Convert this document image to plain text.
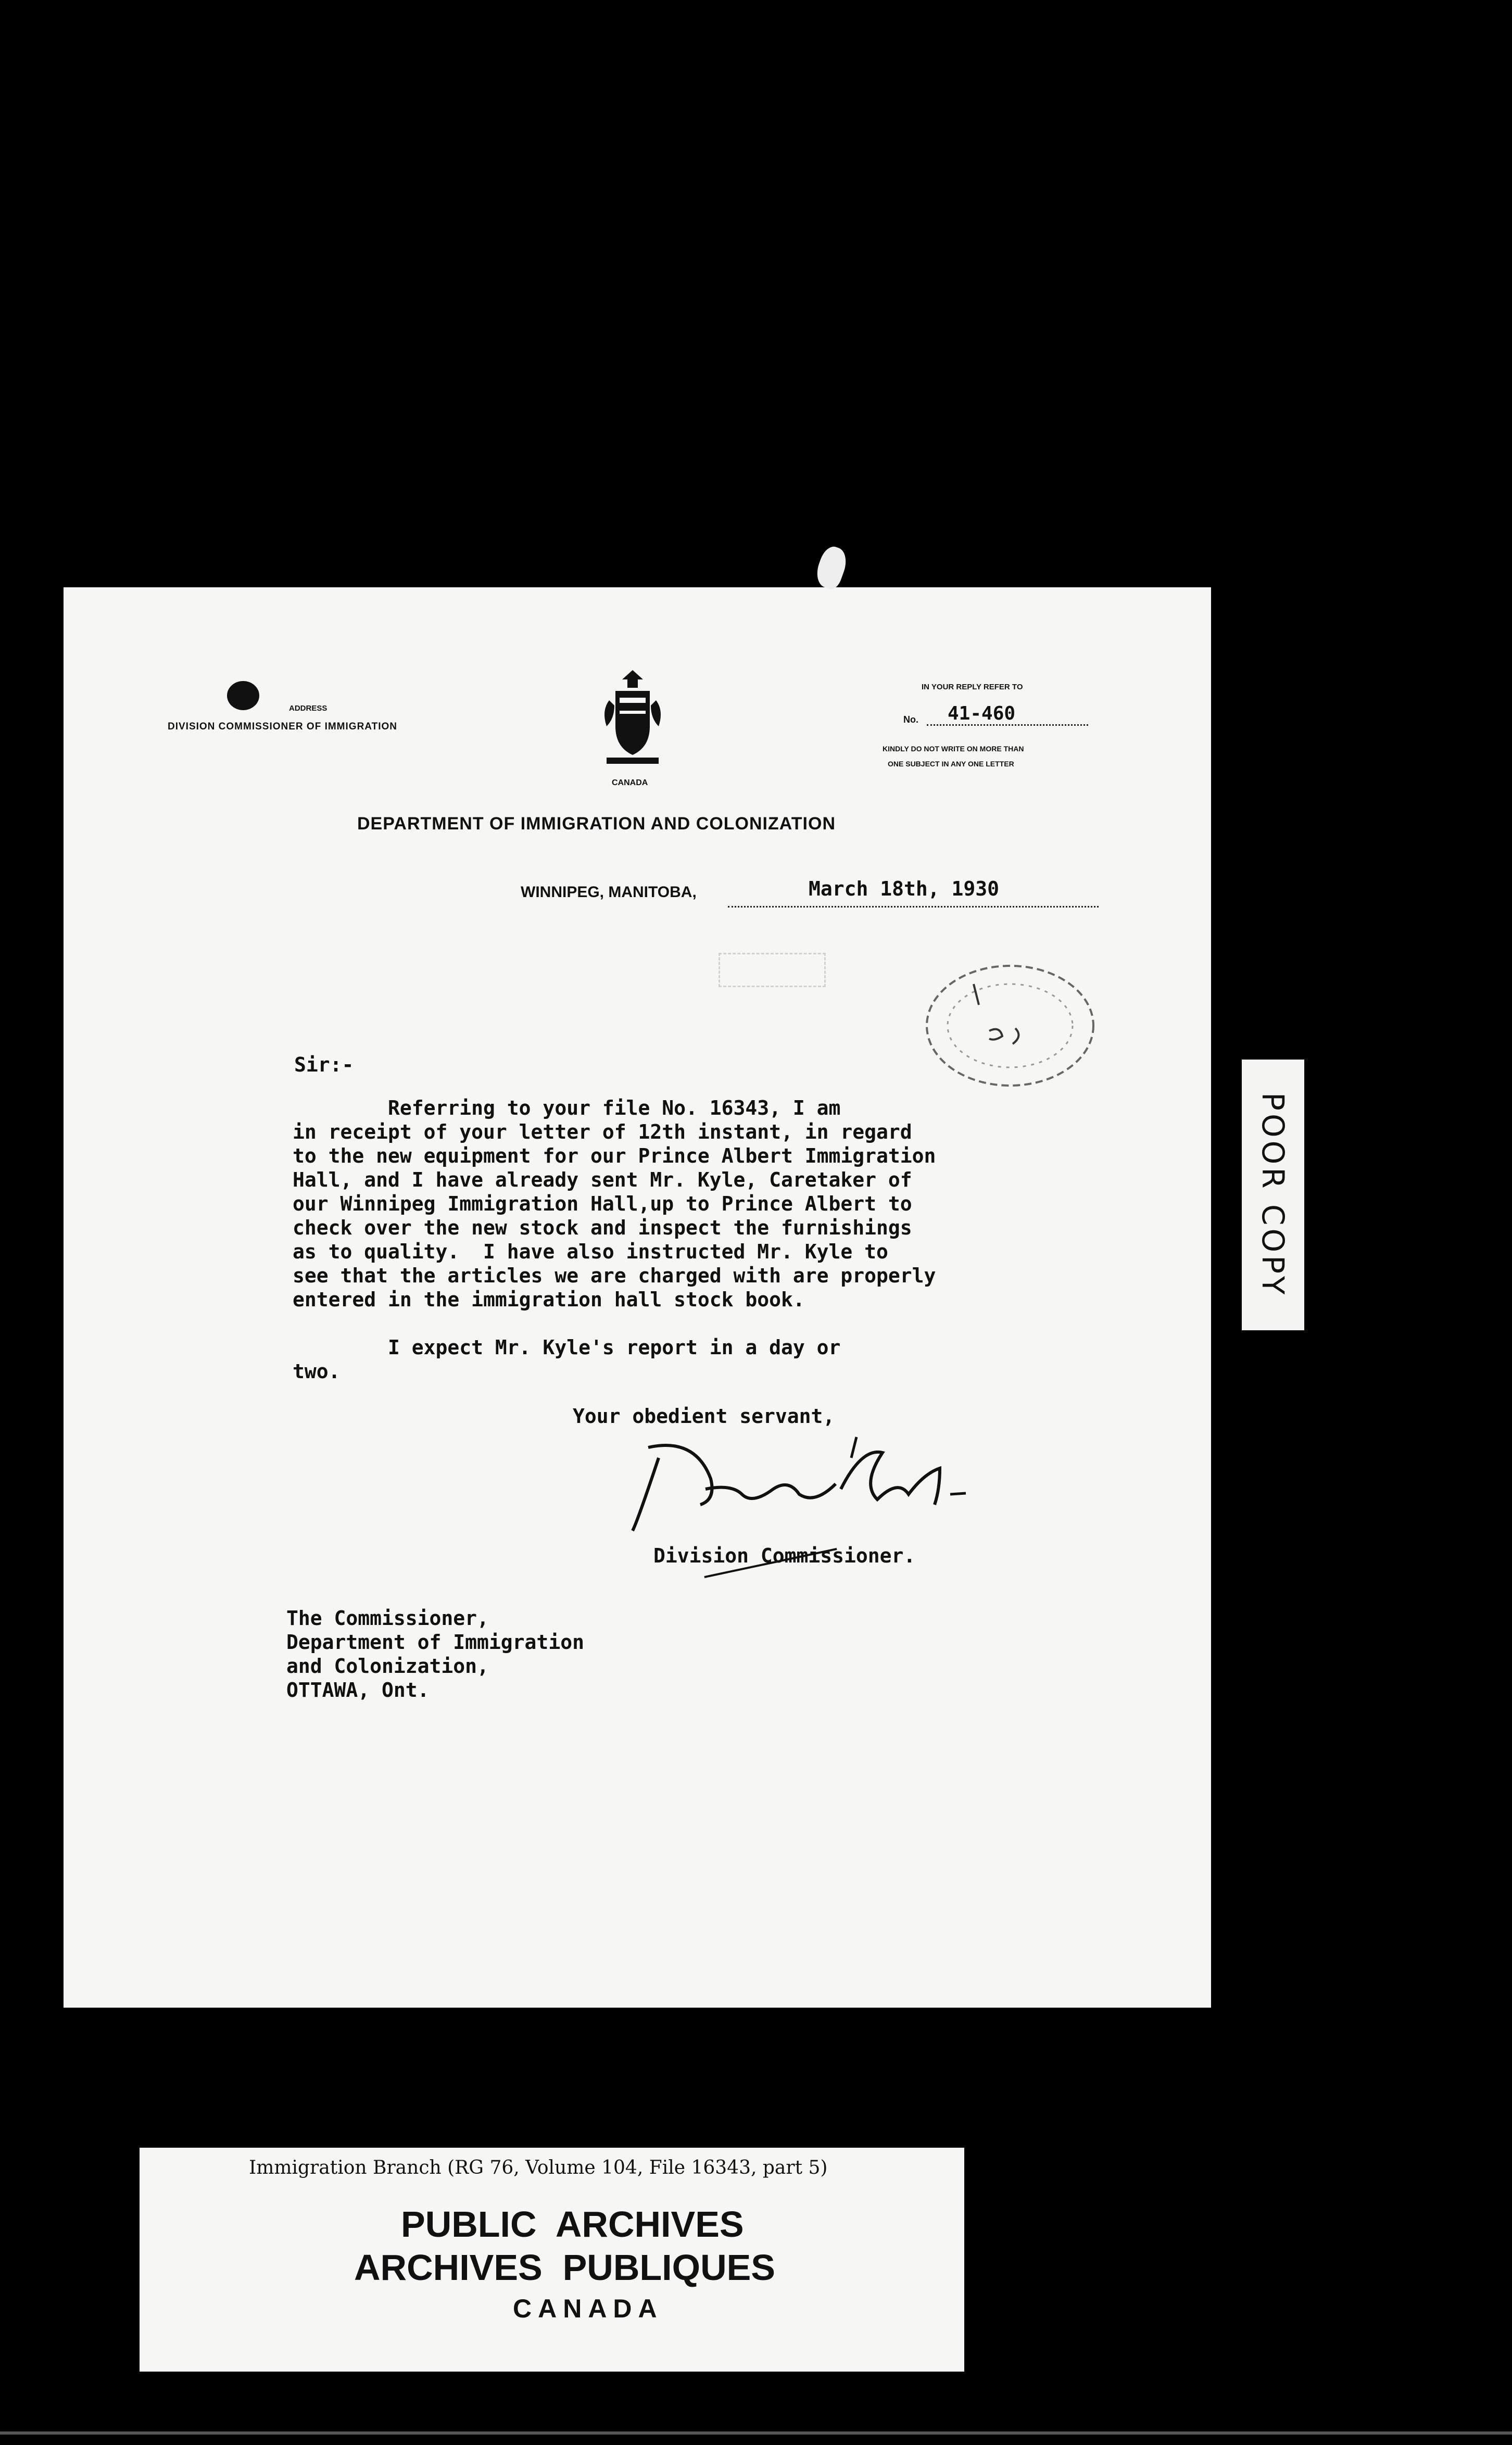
ADDRESS
DIVISION COMMISSIONER OF IMMIGRATION
CANADA
IN YOUR REPLY REFER TO
No.	41-460
KINDLY DO NOT WRITE ON MORE THAN
ONE SUBJECT IN ANY ONE LETTER
DEPARTMENT OF IMMIGRATION AND COLONIZATION
WINNIPEG, MANITOBA,	March 18th, 1930
Sir:-
Referring to your file No. 16343, I am
in receipt of your letter of 12th instant, in regard
to the new equipment for our Prince Albert Immigration
Hall, and I have already sent Mr. Kyle, Caretaker of
our Winnipeg Immigration Hall,up to Prince Albert to
check over the new stock and inspect the furnishings
as to quality.  I have also instructed Mr. Kyle to
see that the articles we are charged with are properly
entered in the immigration hall stock book.
I expect Mr. Kyle's report in a day or
two.
Your obedient servant,
Division Commissioner.
The Commissioner,
Department of Immigration
and Colonization,
OTTAWA, Ont.
POOR COPY
Immigration Branch (RG 76, Volume 104, File 16343, part 5)
PUBLIC  ARCHIVES
ARCHIVES  PUBLIQUES
CANADA
